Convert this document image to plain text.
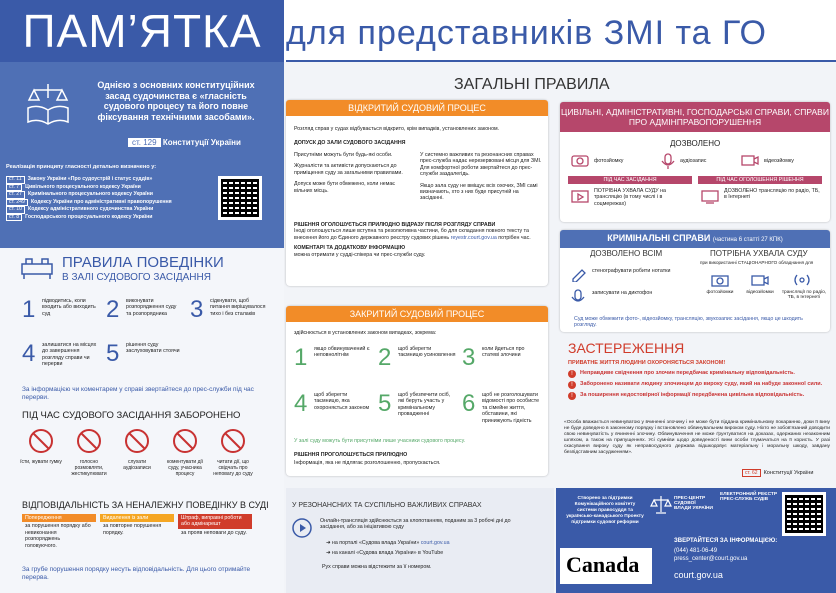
ПАМ’ЯТКА для представників ЗМІ та ГО
Однією з основних конституційних засад судочинства є «гласність судового процесу та його повне фіксування технічними засобами».
ст. 129 Конституції України
Реалізація принципу гласності детально визначено у:
ст. 11 Закону України «Про судоустрій і статус суддів»
ст. 7 Цивільного процесуального кодексу України
ст. 27 Кримінального процесуального кодексу України
ст. 249 Кодексу України про адміністративні правопорушення
ст. 10 Кодексу адміністративного судочинства України
ст. 8 Господарського процесуального кодексу України
ПРАВИЛА ПОВЕДІНКИ
В ЗАЛІ СУДОВОГО ЗАСІДАННЯ
1 підводитись, коли входить або виходить суд	2 виконувати розпорядження суду та розпорядника 3 сідкнувати, щоб питання вирішувалося тихо і без сталаків
4 залишатися на місцях до завершення розгляду справи чи перерви	5 рішення суду заслуховувати стоячи
За інформацією чи коментарем у справі звертайтеся до прес-служби під час перерви.
ПІД ЧАС СУДОВОГО ЗАСІДАННЯ ЗАБОРОНЕНО
їсти, жувати гумку	голосно розмовляти, жестикулювати
слухати аудіозаписи
коментувати дії суду, учасника процесу
читати дії, що свідчать про неповагу до суду
ВІДПОВІДАЛЬНІСТЬ ЗА НЕНАЛЕЖНУ ПОВЕДІНКУ В СУДІ
Попередження
за порушення порядку або невиконання розпоряджень головуючого.
Видалення із зали
за повторне порушення порядку.
Штраф, виправні роботи або адмінарешт
за прояв неповаги до суду.
За грубе порушення порядку несуть відповідальність. Для цього отримайте перерва.
ЗАГАЛЬНІ ПРАВИЛА
ВІДКРИТИЙ СУДОВИЙ ПРОЦЕС
Розгляд справ у судах відбувається відкрито, крім випадків, установлених законом.
ДОПУСК ДО ЗАЛИ СУДОВОГО ЗАСІДАННЯ
Присутніми можуть бути будь-які особи.
Журналісти та активісти допускаються до приміщення суду за загальними правилами.
Допуск може бути обмежено, коли немає вільних місць.
У системно важливих та резонансних справах прес-служба надає нерезервовані місця для ЗМІ. Для комфортної роботи звертайтеся до прес-служби заздалегідь.
Якщо зала суду не вміщує всіх охочих, ЗМІ самі визначають, хто з них буде присутній на засіданні.
РІШЕННЯ ОГОЛОШУЄТЬСЯ ПРИЛЮДНО ВІДРАЗУ ПІСЛЯ РОЗГЛЯДУ СПРАВИ
Іноді оголошується лише вступна та резолютивна частини, бо для складання повного тексту та внесення його до Єдиного державного реєстру судових рішень reyestr.court.gov.ua потрібен час.
КОМЕНТАРІ ТА ДОДАТКОВУ ІНФОРМАЦІЮ
можна отримати у судді-спікера чи прес-служби суду.
ЗАКРИТИЙ СУДОВИЙ ПРОЦЕС
здійснюється в установлених законом випадках, зокрема:
1 якщо обвинувачений є неповнолітнім	2 щоб зберегти таємницю усиновлення 3 коли йдеться про статеві злочини
4 щоб зберегти таємницю, яка охороняється законом 5 щоб убезпечити осіб, які беруть участь у кримінальному провадженні	6 щоб не розголошувати відомості про особисте та сімейне життя, обставини, які принижують гідність
У залі суду можуть бути присутніми лише учасники судового процесу.
РІШЕННЯ ПРОГОЛОШУЄТЬСЯ ПРИЛЮДНО
Інформація, яка не підлягає розголошенню, пропускається.
ЦИВІЛЬНІ, АДМІНІСТРАТИВНІ, ГОСПОДАРСЬКІ СПРАВИ, СПРАВИ ПРО АДМІНПРАВОПОРУШЕННЯ
ДОЗВОЛЕНО
фотозйомку	аудіозапис	відеозйомку
ПІД ЧАС ЗАСІДАННЯ	ПІД ЧАС ОГОЛОШЕННЯ РІШЕННЯ
ПОТРІБНА УХВАЛА СУДУ на трансляцію (в тому числі і в соцмережах)
ДОЗВОЛЕНО трансляцію по радіо, ТБ, в Інтернеті
КРИМІНАЛЬНІ СПРАВИ (частина 6 статті 27 КПК)
ДОЗВОЛЕНО ВСІМ	ПОТРІБНА УХВАЛА СУДУ
при використанні СТАЦІОНАРНОГО обладнання для
стенографувати робити нотатки
записувати на диктофон	фотозйомки	відеозйомки	трансляції по радіо, ТБ, в Інтернеті
Суд може обмежити фото-, відеозйомку, трансляцію, звукозапис засідання, якщо це шкодить розгляду.
ЗАСТЕРЕЖЕННЯ
ПРИВАТНЕ ЖИТТЯ ЛЮДИНИ ОХОРОНЯЄТЬСЯ ЗАКОНОМ!
!	Неправдиве свідчення про злочин передбачає кримінальну відповідальність.
!	Заборонено називати людину злочинцем до вироку суду, який на набуде законної сили.
!	За поширення недостовірної інформації передбачена цивільна відповідальність.
«Особа вважається невинуватою у вчиненні злочину і не може бути піддана кримінальному покаранню, доки її вину не буде доведено в законному порядку і встановлено обвинувальним вироком суду. Ніхто не зобов’язаний доводити свою невинуватість у вчиненні злочину. Обвинувачення не може ґрунтуватися на доказах, одержаних незаконним шляхом, а також на припущеннях. Усі сумніви щодо доведеності вини особи тлумачаться на її користь. У разі скасування вироку суду як неправосудного держава відшкодовує матеріальну і моральну шкоду, завдану безпідставним засудженням».
ст. 62 Конституції України
У РЕЗОНАНСНИХ ТА СУСПІЛЬНО ВАЖЛИВИХ СПРАВАХ
Онлайн-трансляція здійснюється за клопотанням, поданим за 3 робочі дні до засідання, або за ініціативою суду
➜ на порталі «Судова влада України» court.gov.ua
➜ на каналі «Судова влада України» в YouTube
Рух справи можна відстежити за її номером.
Створено за підтримки Комунікаційного комітету системи правосуддя та українсько-канадського Проекту підтримки судової реформи
ПРЕС-ЦЕНТР СУДОВОЇ ВЛАДИ УКРАЇНИ
ЕЛЕКТРОННИЙ РЕЄСТР ПРЕС-СЛУЖБ СУДІВ
Canada
ЗВЕРТАЙТЕСЯ ЗА ІНФОРМАЦІЄЮ:
(044) 481-06-49
press_center@court.gov.ua
court.gov.ua
